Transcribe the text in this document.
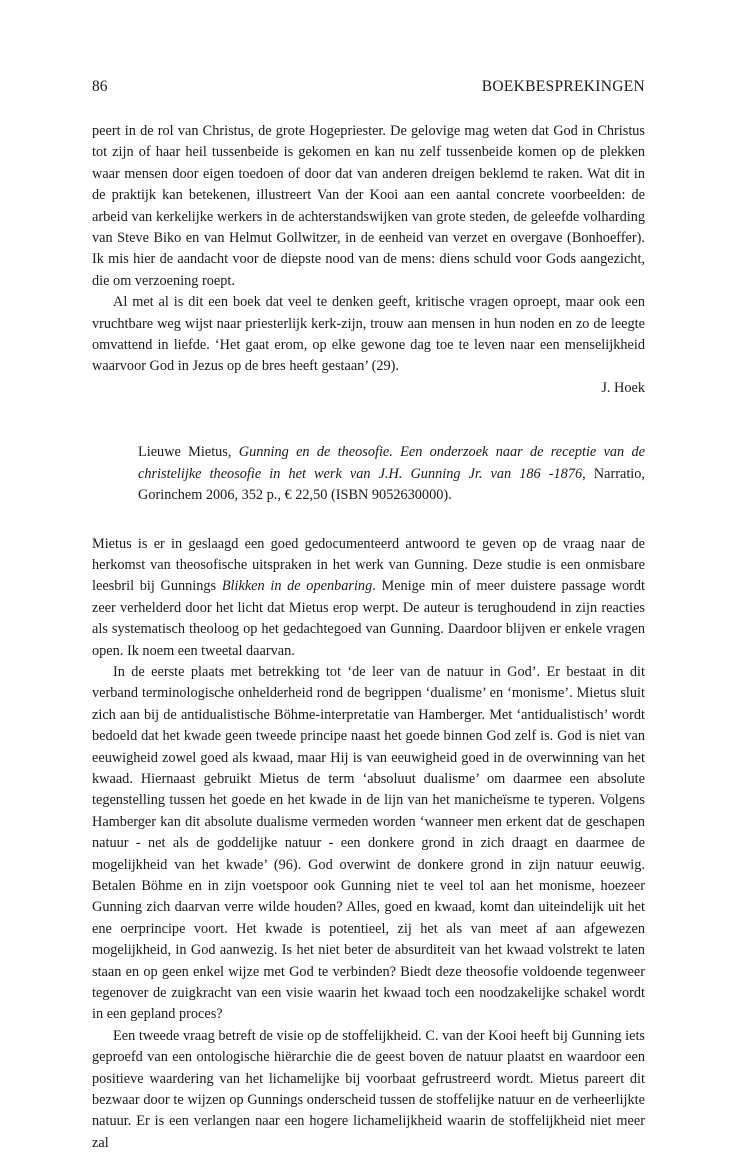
86	BOEKBESPREKINGEN

peert in de rol van Christus, de grote Hogepriester. De gelovige mag weten dat God in Christus tot zijn of haar heil tussenbeide is gekomen en kan nu zelf tussenbeide komen op de plekken waar mensen door eigen toedoen of door dat van anderen dreigen beklemd te raken. Wat dit in de praktijk kan betekenen, illustreert Van der Kooi aan een aantal concrete voorbeelden: de arbeid van kerkelijke werkers in de achterstandswijken van grote steden, de geleefde volharding van Steve Biko en van Helmut Gollwitzer, in de eenheid van verzet en overgave (Bonhoeffer). Ik mis hier de aandacht voor de diepste nood van de mens: diens schuld voor Gods aangezicht, die om verzoening roept.

Al met al is dit een boek dat veel te denken geeft, kritische vragen oproept, maar ook een vruchtbare weg wijst naar priesterlijk kerk-zijn, trouw aan mensen in hun noden en zo de leegte omvattend in liefde. ‘Het gaat erom, op elke gewone dag toe te leven naar een menselijkheid waarvoor God in Jezus op de bres heeft gestaan’ (29).

J. Hoek

Lieuwe Mietus, Gunning en de theosofie. Een onderzoek naar de receptie van de christelijke theosofie in het werk van J.H. Gunning Jr. van 186 -1876, Narratio, Gorinchem 2006, 352 p., € 22,50 (ISBN 9052630000).

Mietus is er in geslaagd een goed gedocumenteerd antwoord te geven op de vraag naar de herkomst van theosofische uitspraken in het werk van Gunning. Deze studie is een onmisbare leesbril bij Gunnings Blikken in de openbaring. Menige min of meer duistere passage wordt zeer verhelderd door het licht dat Mietus erop werpt. De auteur is terughoudend in zijn reacties als systematisch theoloog op het gedachtegoed van Gunning. Daardoor blijven er enkele vragen open. Ik noem een tweetal daarvan.

In de eerste plaats met betrekking tot ‘de leer van de natuur in God’. Er bestaat in dit verband terminologische onhelderheid rond de begrippen ‘dualisme’ en ‘monisme’. Mietus sluit zich aan bij de antidualistische Böhme-interpretatie van Hamberger. Met ‘antidualistisch’ wordt bedoeld dat het kwade geen tweede principe naast het goede binnen God zelf is. God is niet van eeuwigheid zowel goed als kwaad, maar Hij is van eeuwigheid goed in de overwinning van het kwaad. Hiernaast gebruikt Mietus de term ‘absoluut dualisme’ om daarmee een absolute tegenstelling tussen het goede en het kwade in de lijn van het manicheïsme te typeren. Volgens Hamberger kan dit absolute dualisme vermeden worden ‘wanneer men erkent dat de geschapen natuur - net als de goddelijke natuur - een donkere grond in zich draagt en daarmee de mogelijkheid van het kwade’ (96). God overwint de donkere grond in zijn natuur eeuwig. Betalen Böhme en in zijn voetspoor ook Gunning niet te veel tol aan het monisme, hoezeer Gunning zich daarvan verre wilde houden? Alles, goed en kwaad, komt dan uiteindelijk uit het ene oerprincipe voort. Het kwade is potentieel, zij het als van meet af aan afgewezen mogelijkheid, in God aanwezig. Is het niet beter de absurditeit van het kwaad volstrekt te laten staan en op geen enkel wijze met God te verbinden? Biedt deze theosofie voldoende tegenweer tegenover de zuigkracht van een visie waarin het kwaad toch een noodzakelijke schakel wordt in een gepland proces?

Een tweede vraag betreft de visie op de stoffelijkheid. C. van der Kooi heeft bij Gunning iets geproefd van een ontologische hiërarchie die de geest boven de natuur plaatst en waardoor een positieve waardering van het lichamelijke bij voorbaat gefrustreerd wordt. Mietus pareert dit bezwaar door te wijzen op Gunnings onderscheid tussen de stoffelijke natuur en de verheerlijkte natuur. Er is een verlangen naar een hogere lichamelijkheid waarin de stoffelijkheid niet meer zal
